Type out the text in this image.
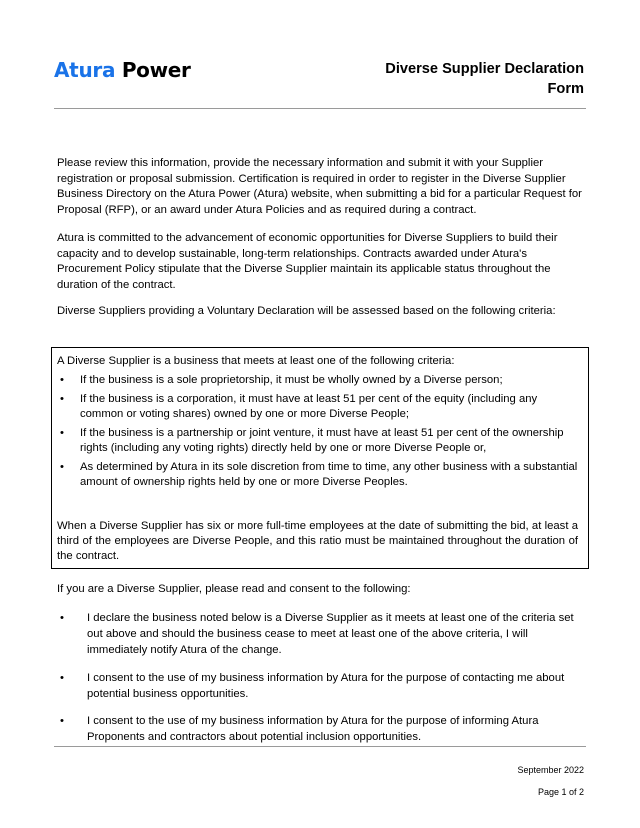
Atura Power	Diverse Supplier Declaration
Form

Please review this information, provide the necessary information and submit it with your Supplier registration or proposal submission. Certification is required in order to register in the Diverse Supplier Business Directory on the Atura Power (Atura) website, when submitting a bid for a particular Request for Proposal (RFP), or an award under Atura Policies and as required during a contract.

Atura is committed to the advancement of economic opportunities for Diverse Suppliers to build their capacity and to develop sustainable, long-term relationships. Contracts awarded under Atura's Procurement Policy stipulate that the Diverse Supplier maintain its applicable status throughout the duration of the contract.

Diverse Suppliers providing a Voluntary Declaration will be assessed based on the following criteria:

A Diverse Supplier is a business that meets at least one of the following criteria:

• If the business is a sole proprietorship, it must be wholly owned by a Diverse person;
• If the business is a corporation, it must have at least 51 per cent of the equity (including any common or voting shares) owned by one or more Diverse People;
• If the business is a partnership or joint venture, it must have at least 51 per cent of the ownership rights (including any voting rights) directly held by one or more Diverse People or,
• As determined by Atura in its sole discretion from time to time, any other business with a substantial amount of ownership rights held by one or more Diverse Peoples.

When a Diverse Supplier has six or more full-time employees at the date of submitting the bid, at least a third of the employees are Diverse People, and this ratio must be maintained throughout the duration of the contract.

If you are a Diverse Supplier, please read and consent to the following:

• I declare the business noted below is a Diverse Supplier as it meets at least one of the criteria set out above and should the business cease to meet at least one of the above criteria, I will immediately notify Atura of the change.
• I consent to the use of my business information by Atura for the purpose of contacting me about potential business opportunities.
• I consent to the use of my business information by Atura for the purpose of informing Atura Proponents and contractors about potential inclusion opportunities.
September 2022
Page 1 of 2
